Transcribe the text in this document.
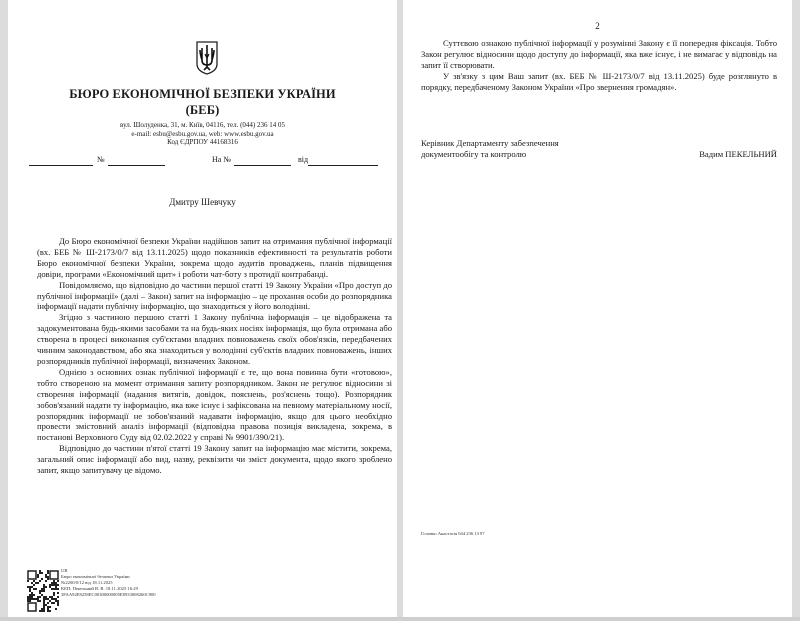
БЮРО ЕКОНОМІЧНОЇ БЕЗПЕКИ УКРАЇНИ
(БЕБ)
вул. Шолуденка, 31, м. Київ, 04116, тел. (044) 236 14 05
e-mail: esbu@esbu.gov.ua, web: www.esbu.gov.ua
Код ЄДРПОУ 44168316
№	На №	від
Дмитру Шевчуку

До Бюро економічної безпеки України надійшов запит на отримання публічної інформації (вх. БЕБ № Ш-2173/0/7 від 13.11.2025) щодо показників ефективності та результатів роботи Бюро економічної безпеки України, зокрема щодо аудитів проваджень, планів підвищення довіри, програми «Економічний щит» і роботи чат-боту з протидії контрабанді.

Повідомляємо, що відповідно до частини першої статті 19 Закону України «Про доступ до публічної інформації» (далі – Закон) запит на інформацію – це прохання особи до розпорядника інформації надати публічну інформацію, що знаходиться у його володінні.

Згідно з частиною першою статті 1 Закону публічна інформація – це відображена та задокументована будь-якими засобами та на будь-яких носіях інформація, що була отримана або створена в процесі виконання суб'єктами владних повноважень своїх обов'язків, передбачених чинним законодавством, або яка знаходиться у володінні суб'єктів владних повноважень, інших розпорядників публічної інформації, визначених Законом.

Однією з основних ознак публічної інформації є те, що вона повинна бути «готовою», тобто створеною на момент отримання запиту розпорядником. Закон не регулює відносини зі створення інформації (надання витягів, довідок, пояснень, роз'яснень тощо). Розпорядник зобов'язаний надати ту інформацію, яка вже існує і зафіксована на певному матеріальному носії, розпорядник інформації не зобов'язаний надавати інформацію, якщо для цього необхідно провести змістовний аналіз інформації (відповідна правова позиція викладена, зокрема, в постанові Верховного Суду від 02.02.2022 у справі № 9901/390/21).

Відповідно до частини п'ятої статті 19 Закону запит на інформацію має містити, зокрема, загальний опис інформації або вид, назву, реквізити чи зміст документа, щодо якого зроблено запит, якщо запитувачу це відомо.

UB
Бюро економічної безпеки України
№2200/0/12 від 18.11.2025
КЕП: Пекельний В. В. 18.11.2025 16:29
3FAA92E8258EC00300000005E8933008260C900
2

Суттєвою ознакою публічної інформації у розумінні Закону є її попередня фіксація. Тобто Закон регулює відносини щодо доступу до інформації, яка вже існує, і не вимагає у відповідь на запит її створювати.

У зв'язку з цим Ваш запит (вх. БЕБ № Ш-2173/0/7 від 13.11.2025) буде розглянуто в порядку, передбаченому Законом України «Про звернення громадян».

Керівник Департаменту забезпечення
документообігу та контролю	Вадим ПЕКЕЛЬНИЙ
Головко Анастасія 044 236 13 97
